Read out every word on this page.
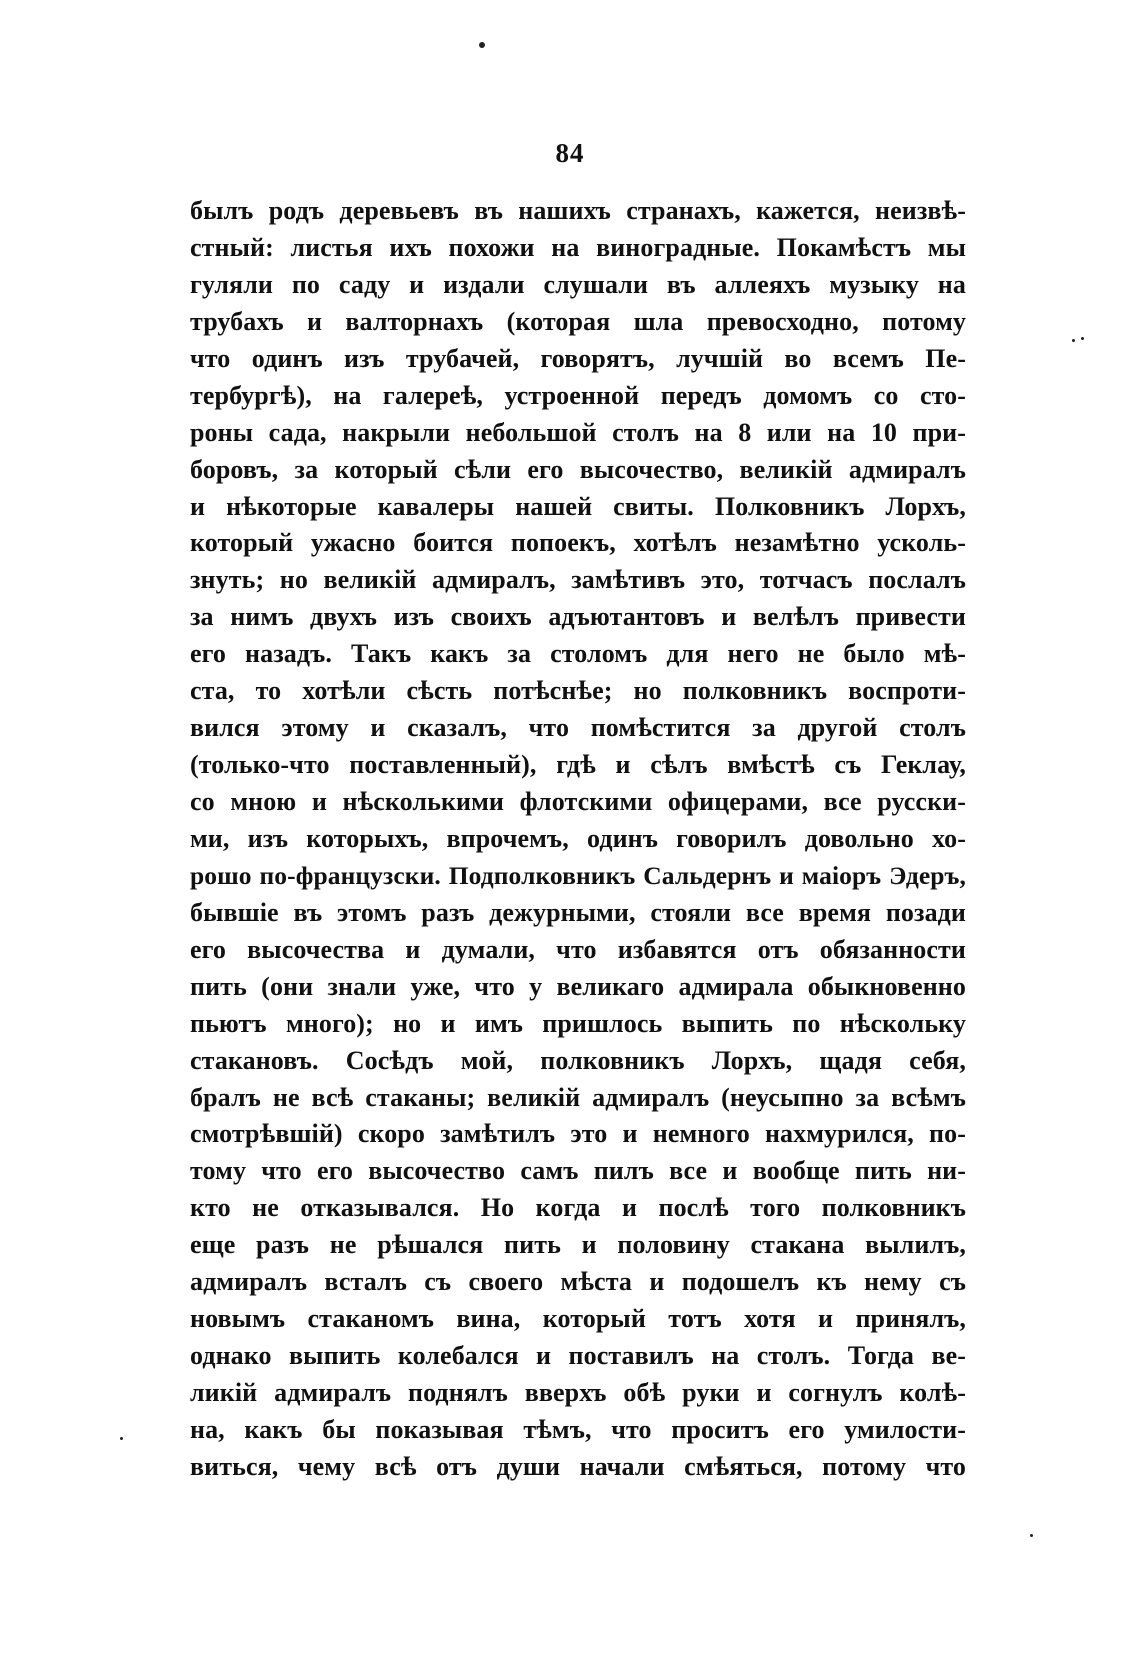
84
былъ родъ деревьевъ въ нашихъ странахъ, кажется, неизвѣ-
стный: листья ихъ похожи на виноградные. Покамѣстъ мы
гуляли по саду и издали слушали въ аллеяхъ музыку на
трубахъ и валторнахъ (которая шла превосходно, потому
что одинъ изъ трубачей, говорятъ, лучшій во всемъ Пе-
тербургѣ), на галереѣ, устроенной передъ домомъ со сто-
роны сада, накрыли небольшой столъ на 8 или на 10 при-
боровъ, за который сѣли его высочество, великій адмиралъ
и нѣкоторые кавалеры нашей свиты. Полковникъ Лорхъ,
который ужасно боится попоекъ, хотѣлъ незамѣтно усколь-
знуть; но великій адмиралъ, замѣтивъ это, тотчасъ послалъ
за нимъ двухъ изъ своихъ адъютантовъ и велѣлъ привести
его назадъ. Такъ какъ за столомъ для него не было мѣ-
ста, то хотѣли сѣсть потѣснѣе; но полковникъ воспроти-
вился этому и сказалъ, что помѣстится за другой столъ
(только-что поставленный), гдѣ и сѣлъ вмѣстѣ съ Геклау,
со мною и нѣсколькими флотскими офицерами, все русски-
ми, изъ которыхъ, впрочемъ, одинъ говорилъ довольно хо-
рошо по-французски. Подполковникъ Сальдернъ и маіоръ Эдеръ,
бывшіе въ этомъ разъ дежурными, стояли все время позади
его высочества и думали, что избавятся отъ обязанности
пить (они знали уже, что у великаго адмирала обыкновенно
пьютъ много); но и имъ пришлось выпить по нѣскольку
стакановъ. Сосѣдъ мой, полковникъ Лорхъ, щадя себя,
бралъ не всѣ стаканы; великій адмиралъ (неусыпно за всѣмъ
смотрѣвшій) скоро замѣтилъ это и немного нахмурился, по-
тому что его высочество самъ пилъ все и вообще пить ни-
кто не отказывался. Но когда и послѣ того полковникъ
еще разъ не рѣшался пить и половину стакана вылилъ,
адмиралъ всталъ съ своего мѣста и подошелъ къ нему съ
новымъ стаканомъ вина, который тотъ хотя и принялъ,
однако выпить колебался и поставилъ на столъ. Тогда ве-
ликій адмиралъ поднялъ вверхъ обѣ руки и согнулъ колѣ-
на, какъ бы показывая тѣмъ, что проситъ его умилости-
виться, чему всѣ отъ души начали смѣяться, потому что
